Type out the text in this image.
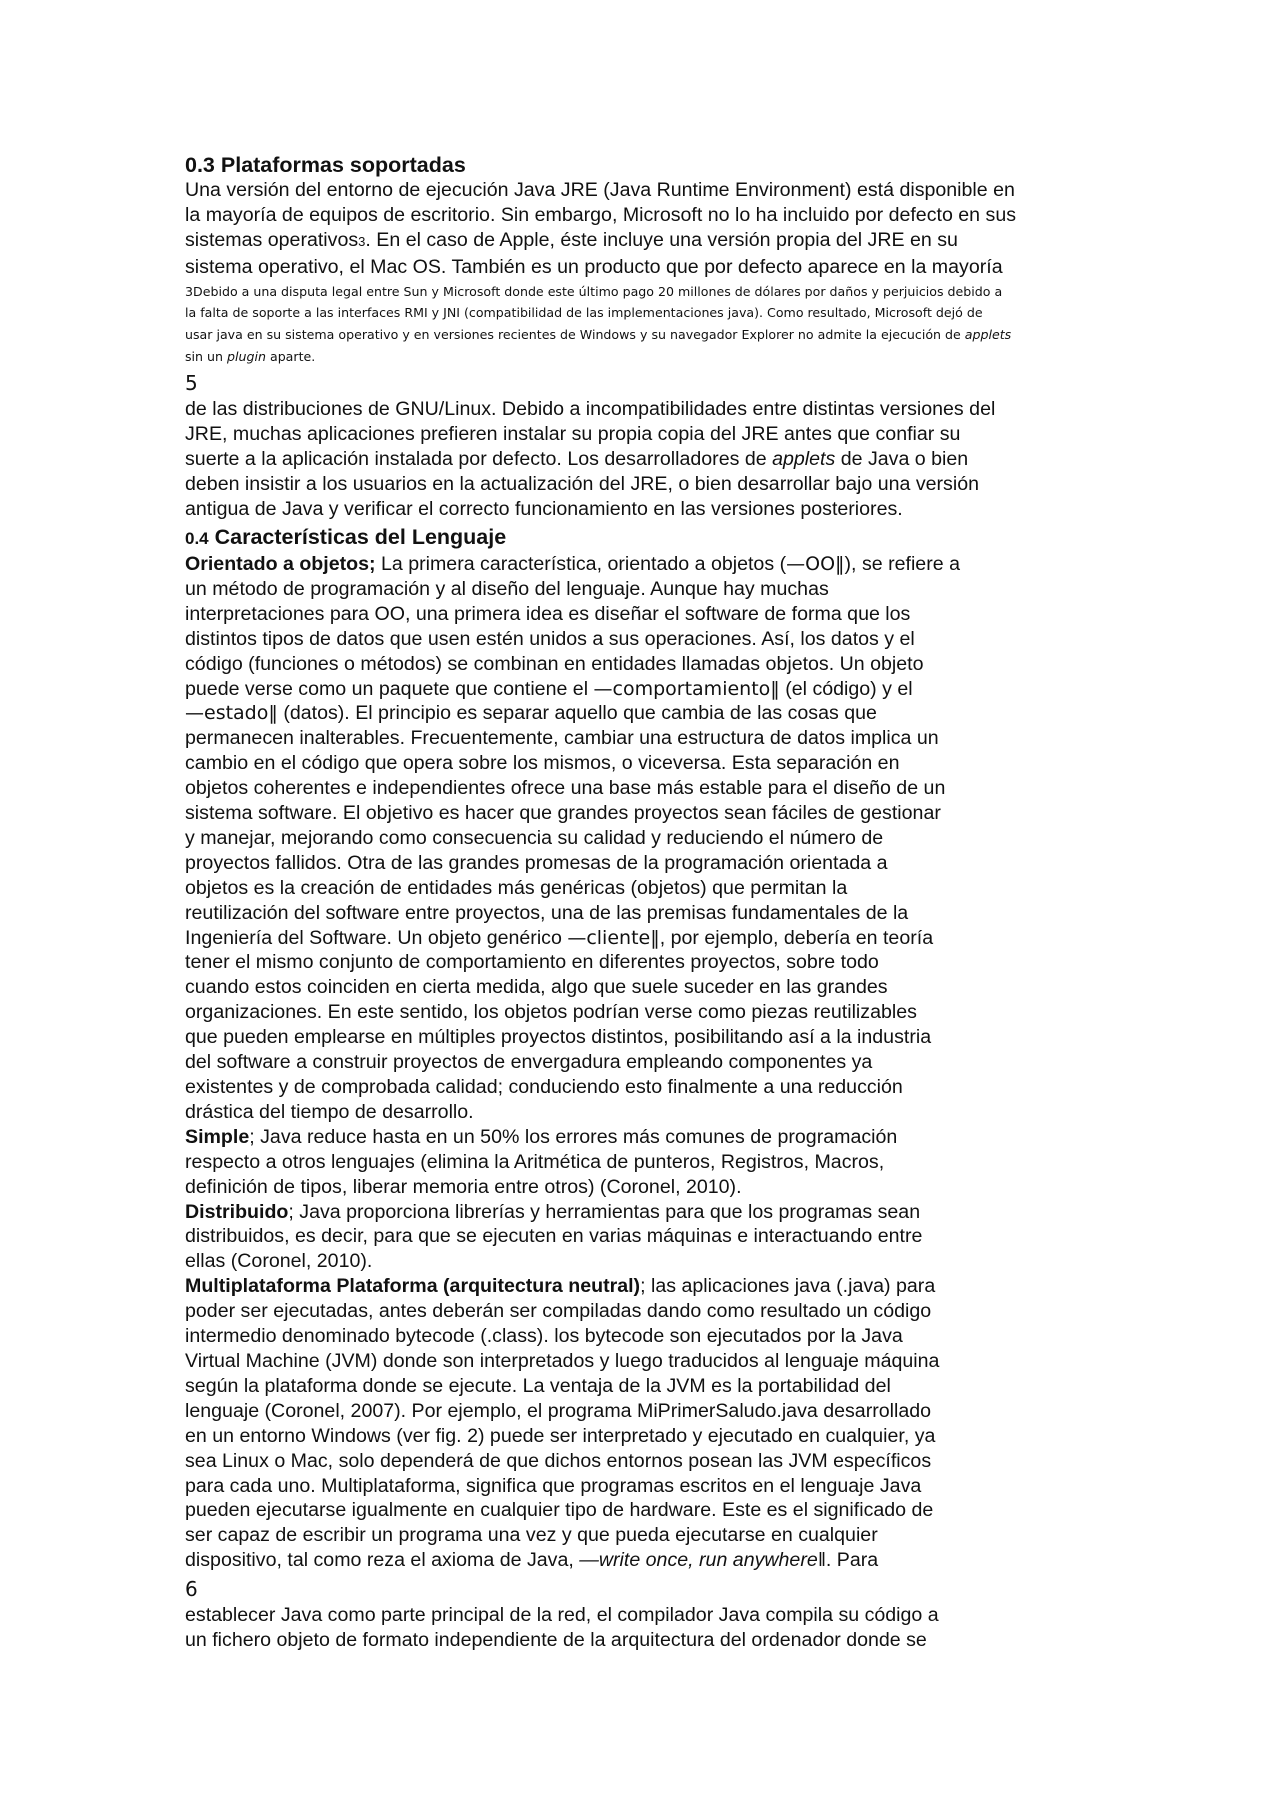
0.3 Plataformas soportadas

Una versión del entorno de ejecución Java JRE (Java Runtime Environment) está disponible en

la mayoría de equipos de escritorio. Sin embargo, Microsoft no lo ha incluido por defecto en sus

sistemas operativos3. En el caso de Apple, éste incluye una versión propia del JRE en su

sistema operativo, el Mac OS. También es un producto que por defecto aparece en la mayoría

3Debido a una disputa legal entre Sun y Microsoft donde este último pago 20 millones de dólares por daños y perjuicios debido a
la falta de soporte a las interfaces RMI y JNI (compatibilidad de las implementaciones java). Como resultado, Microsoft dejó de
usar java en su sistema operativo y en versiones recientes de Windows y su navegador Explorer no admite la ejecución de applets
sin un plugin aparte.
5

de las distribuciones de GNU/Linux. Debido a incompatibilidades entre distintas versiones del

JRE, muchas aplicaciones prefieren instalar su propia copia del JRE antes que confiar su

suerte a la aplicación instalada por defecto. Los desarrolladores de applets de Java o bien

deben insistir a los usuarios en la actualización del JRE, o bien desarrollar bajo una versión

antigua de Java y verificar el correcto funcionamiento en las versiones posteriores.

0.4 Características del Lenguaje

Orientado a objetos; La primera característica, orientado a objetos (—OO‖), se refiere a

un método de programación y al diseño del lenguaje. Aunque hay muchas

interpretaciones para OO, una primera idea es diseñar el software de forma que los

distintos tipos de datos que usen estén unidos a sus operaciones. Así, los datos y el

código (funciones o métodos) se combinan en entidades llamadas objetos. Un objeto

puede verse como un paquete que contiene el —comportamiento‖ (el código) y el

—estado‖ (datos). El principio es separar aquello que cambia de las cosas que

permanecen inalterables. Frecuentemente, cambiar una estructura de datos implica un

cambio en el código que opera sobre los mismos, o viceversa. Esta separación en

objetos coherentes e independientes ofrece una base más estable para el diseño de un

sistema software. El objetivo es hacer que grandes proyectos sean fáciles de gestionar

y manejar, mejorando como consecuencia su calidad y reduciendo el número de

proyectos fallidos. Otra de las grandes promesas de la programación orientada a

objetos es la creación de entidades más genéricas (objetos) que permitan la

reutilización del software entre proyectos, una de las premisas fundamentales de la

Ingeniería del Software. Un objeto genérico —cliente‖, por ejemplo, debería en teoría

tener el mismo conjunto de comportamiento en diferentes proyectos, sobre todo

cuando estos coinciden en cierta medida, algo que suele suceder en las grandes

organizaciones. En este sentido, los objetos podrían verse como piezas reutilizables

que pueden emplearse en múltiples proyectos distintos, posibilitando así a la industria

del software a construir proyectos de envergadura empleando componentes ya

existentes y de comprobada calidad; conduciendo esto finalmente a una reducción

drástica del tiempo de desarrollo.

Simple; Java reduce hasta en un 50% los errores más comunes de programación

respecto a otros lenguajes (elimina la Aritmética de punteros, Registros, Macros,

definición de tipos, liberar memoria entre otros) (Coronel, 2010).

Distribuido; Java proporciona librerías y herramientas para que los programas sean

distribuidos, es decir, para que se ejecuten en varias máquinas e interactuando entre

ellas (Coronel, 2010).

Multiplataforma Plataforma (arquitectura neutral); las aplicaciones java (.java) para

poder ser ejecutadas, antes deberán ser compiladas dando como resultado un código

intermedio denominado bytecode (.class). los bytecode son ejecutados por la Java

Virtual Machine (JVM) donde son interpretados y luego traducidos al lenguaje máquina

según la plataforma donde se ejecute. La ventaja de la JVM es la portabilidad del

lenguaje (Coronel, 2007). Por ejemplo, el programa MiPrimerSaludo.java desarrollado

en un entorno Windows (ver fig. 2) puede ser interpretado y ejecutado en cualquier, ya

sea Linux o Mac, solo dependerá de que dichos entornos posean las JVM específicos

para cada uno. Multiplataforma, significa que programas escritos en el lenguaje Java

pueden ejecutarse igualmente en cualquier tipo de hardware. Este es el significado de

ser capaz de escribir un programa una vez y que pueda ejecutarse en cualquier

dispositivo, tal como reza el axioma de Java, —write once, run anywhere‖. Para

6

establecer Java como parte principal de la red, el compilador Java compila su código a

un fichero objeto de formato independiente de la arquitectura del ordenador donde se
